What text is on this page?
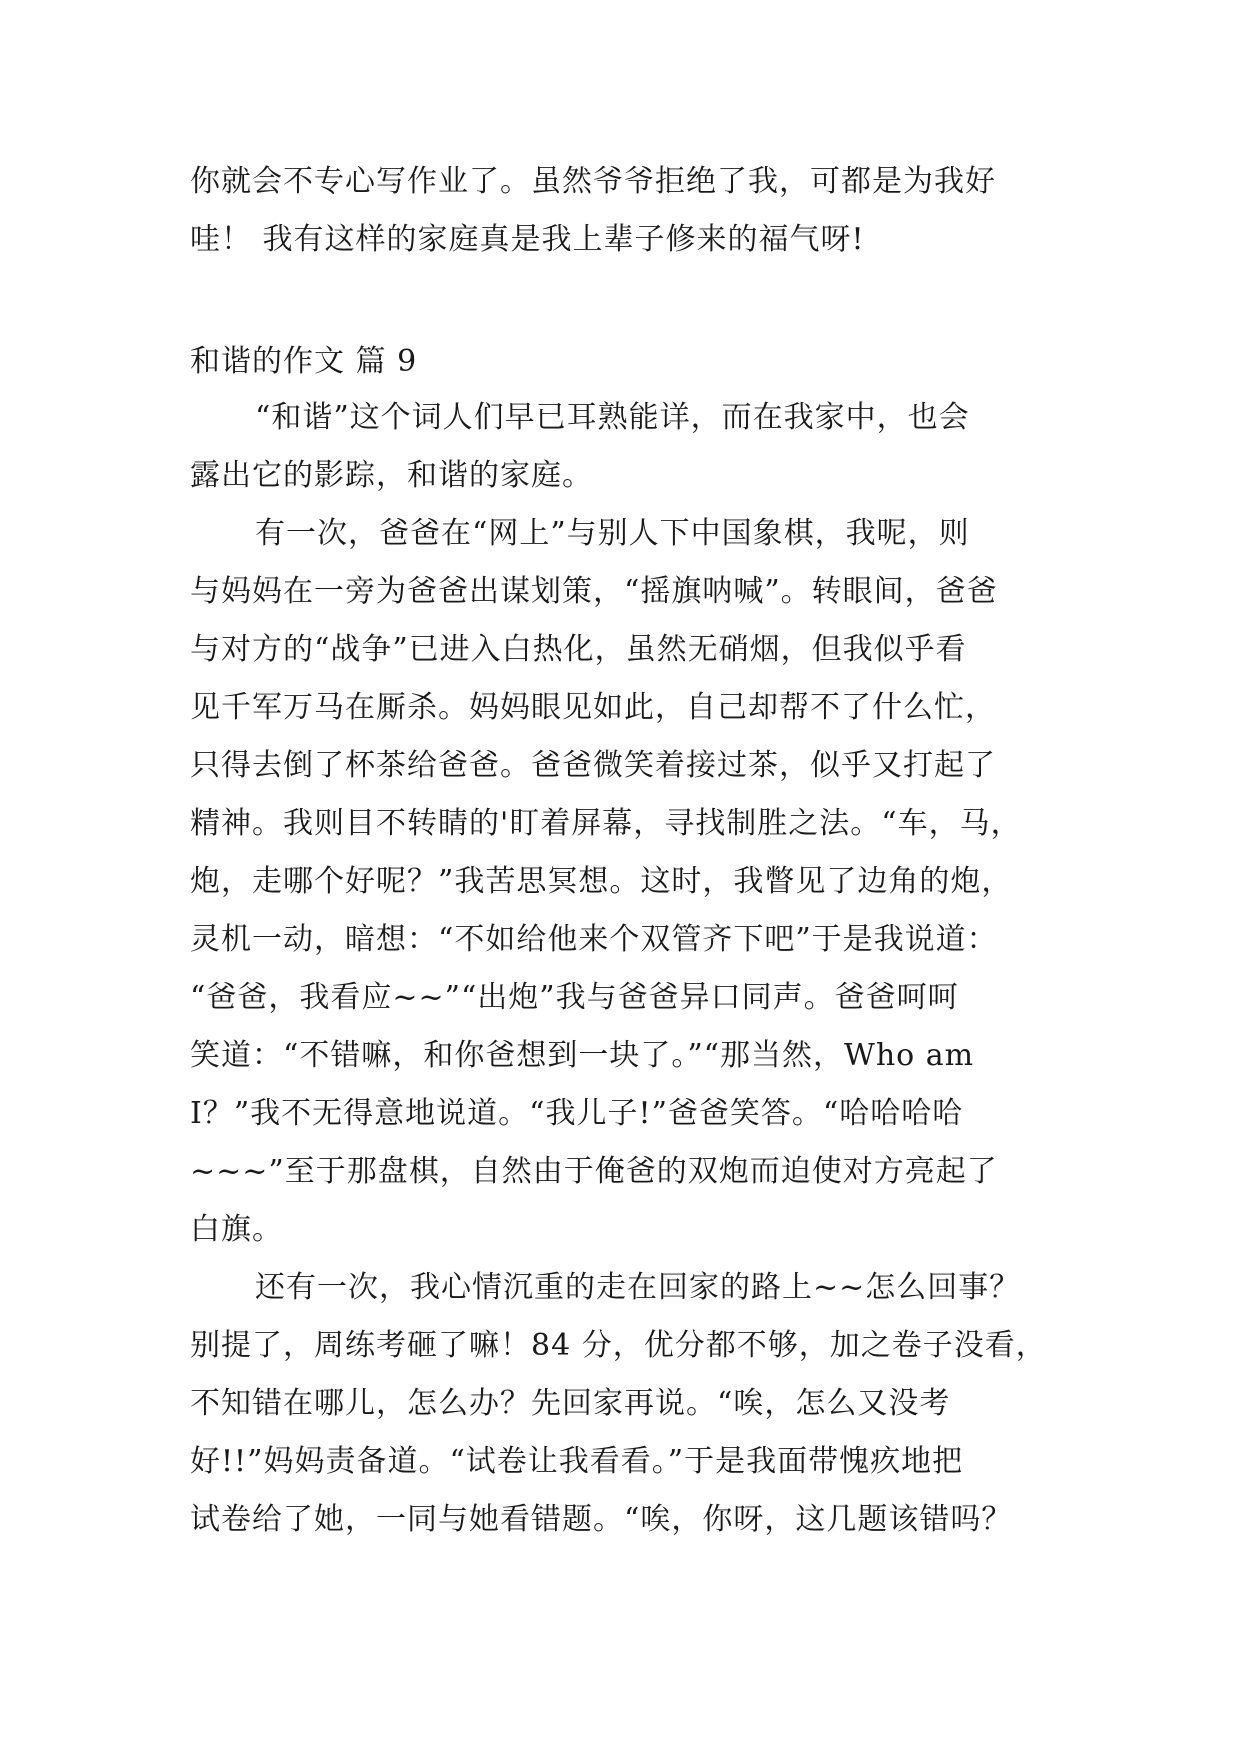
你就会不专心写作业了。虽然爷爷拒绝了我，可都是为我好
哇！ 我有这样的家庭真是我上辈子修来的福气呀!
和谐的作文 篇 9
“和谐”这个词人们早已耳熟能详，而在我家中，也会
露出它的影踪，和谐的家庭。
有一次，爸爸在“网上”与别人下中国象棋，我呢，则
与妈妈在一旁为爸爸出谋划策，“摇旗呐喊”。转眼间，爸爸
与对方的“战争”已进入白热化，虽然无硝烟，但我似乎看
见千军万马在厮杀。妈妈眼见如此，自己却帮不了什么忙，
只得去倒了杯茶给爸爸。爸爸微笑着接过茶，似乎又打起了
精神。我则目不转睛的'盯着屏幕，寻找制胜之法。“车，马，
炮，走哪个好呢？”我苦思冥想。这时，我瞥见了边角的炮，
灵机一动，暗想：“不如给他来个双管齐下吧”于是我说道：
“爸爸，我看应~~”“出炮”我与爸爸异口同声。爸爸呵呵
笑道：“不错嘛，和你爸想到一块了。”“那当然，Who am
I？”我不无得意地说道。“我儿子!”爸爸笑答。“哈哈哈哈
~~~”至于那盘棋，自然由于俺爸的双炮而迫使对方亮起了
白旗。
还有一次，我心情沉重的走在回家的路上~~怎么回事？
别提了，周练考砸了嘛！84 分，优分都不够，加之卷子没看，
不知错在哪儿，怎么办？先回家再说。“唉，怎么又没考
好!!”妈妈责备道。“试卷让我看看。”于是我面带愧疚地把
试卷给了她，一同与她看错题。“唉，你呀，这几题该错吗？
